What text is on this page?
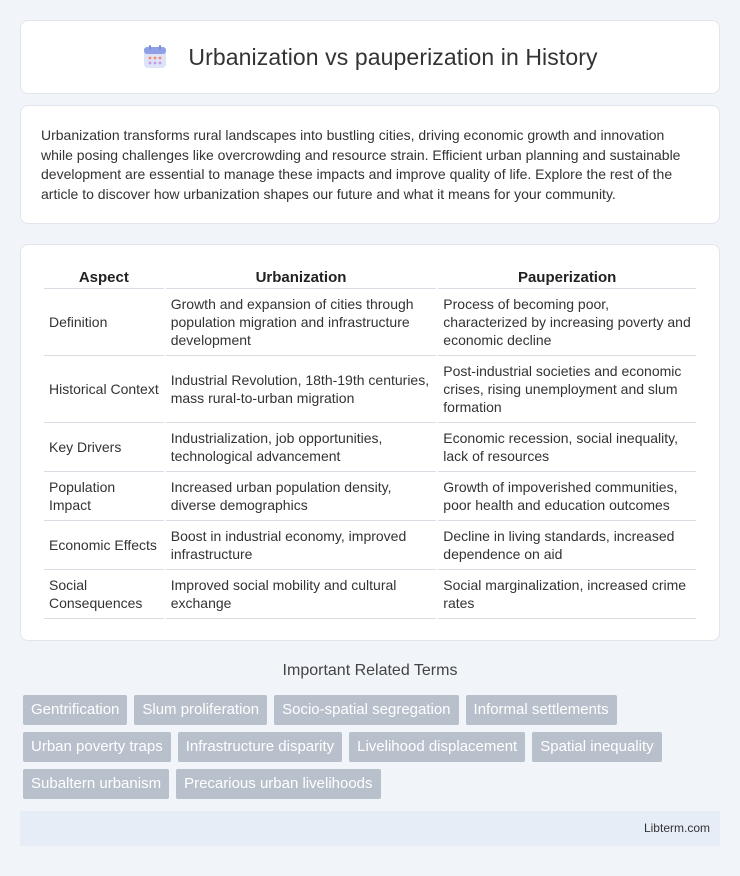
Urbanization vs pauperization in History

Urbanization transforms rural landscapes into bustling cities, driving economic growth and innovation while posing challenges like overcrowding and resource strain. Efficient urban planning and sustainable development are essential to manage these impacts and improve quality of life. Explore the rest of the article to discover how urbanization shapes our future and what it means for your community.

Aspect	Urbanization	Pauperization
Definition	Growth and expansion of cities through population migration and infrastructure development	Process of becoming poor, characterized by increasing poverty and economic decline
Historical Context	Industrial Revolution, 18th-19th centuries, mass rural-to-urban migration	Post-industrial societies and economic crises, rising unemployment and slum formation
Key Drivers	Industrialization, job opportunities, technological advancement	Economic recession, social inequality, lack of resources
Population Impact	Increased urban population density, diverse demographics	Growth of impoverished communities, poor health and education outcomes
Economic Effects	Boost in industrial economy, improved infrastructure	Decline in living standards, increased dependence on aid
Social Consequences	Improved social mobility and cultural exchange	Social marginalization, increased crime rates
Important Related Terms
Gentrification	Slum proliferation	Socio-spatial segregation	Informal settlements
Urban poverty traps	Infrastructure disparity	Livelihood displacement	Spatial inequality
Subaltern urbanism	Precarious urban livelihoods
Libterm.com
